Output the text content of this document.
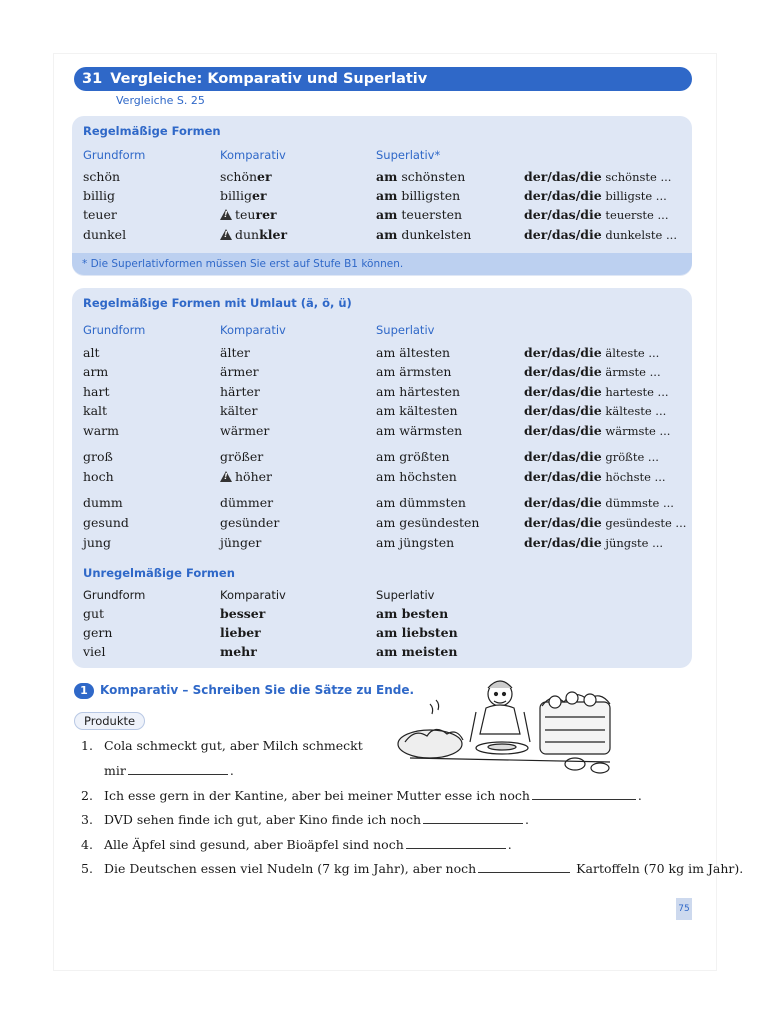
31 Vergleiche: Komparativ und Superlativ
Vergleiche S. 25
Regelmäßige Formen
Grundform	Komparativ	Superlativ*
schön	schöner	am schönsten	der/das/die schönste ...
billig	billiger	am billigsten	der/das/die billigste ...
teuer !	teurer	am teuersten	der/das/die teuerste ...
dunkel !	dunkler	am dunkelsten	der/das/die dunkelste ...
* Die Superlativformen müssen Sie erst auf Stufe B1 können.
Regelmäßige Formen mit Umlaut (ä, ö, ü)
Grundform	Komparativ	Superlativ
alt	älter	am ältesten	der/das/die älteste ...
arm	ärmer	am ärmsten	der/das/die ärmste ...
hart	härter	am härtesten	der/das/die harteste ...
kalt	kälter	am kältesten	der/das/die kälteste ...
warm	wärmer	am wärmsten	der/das/die wärmste ...
groß	größer	am größten	der/das/die größte ...
hoch !	höher	am höchsten	der/das/die höchste ...
dumm	dümmer	am dümmsten	der/das/die dümmste ...
gesund	gesünder	am gesündesten	der/das/die gesündeste ...
jung	jünger	am jüngsten	der/das/die jüngste ...
Unregelmäßige Formen
Grundform	Komparativ	Superlativ
gut	besser	am besten
gern	lieber	am liebsten
viel	mehr	am meisten
1 Komparativ – Schreiben Sie die Sätze zu Ende.
Produkte
1. Cola schmeckt gut, aber Milch schmeckt
mir	.
2. Ich esse gern in der Kantine, aber bei meiner Mutter esse ich noch	.
3. DVD sehen finde ich gut, aber Kino finde ich noch	.
4. Alle Äpfel sind gesund, aber Bioäpfel sind noch	.
5. Die Deutschen essen viel Nudeln (7 kg im Jahr), aber noch	Kartoffeln (70 kg im Jahr).
75
